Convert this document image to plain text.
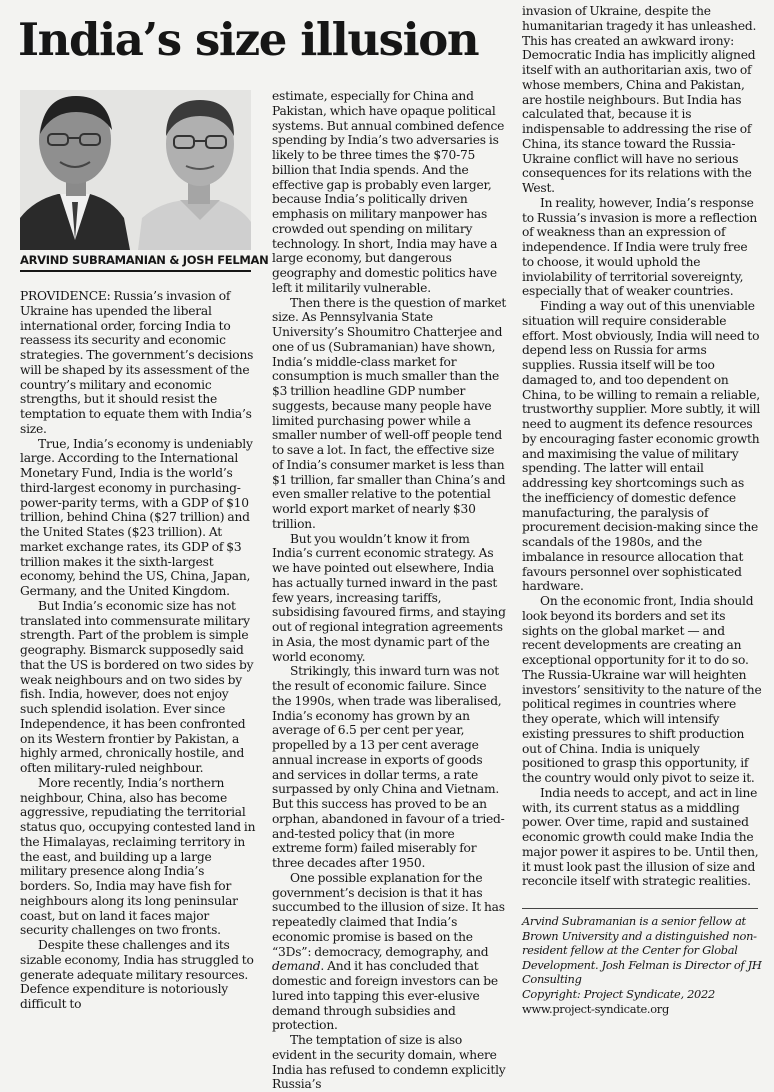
India’s size illusion
ARVIND SUBRAMANIAN & JOSH FELMAN

PROVIDENCE: Russia’s invasion of Ukraine has upended the liberal international order, forcing India to reassess its security and economic strategies. The government’s decisions will be shaped by its assessment of the country’s military and economic strengths, but it should resist the temptation to equate them with India’s size.

True, India’s economy is undeniably large. According to the International Monetary Fund, India is the world’s third-largest economy in purchasing-power-parity terms, with a GDP of $10 trillion, behind China ($27 trillion) and the United States ($23 trillion). At market exchange rates, its GDP of $3 trillion makes it the sixth-largest economy, behind the US, China, Japan, Germany, and the United Kingdom.

But India’s economic size has not translated into commensurate military strength. Part of the problem is simple geography. Bismarck supposedly said that the US is bordered on two sides by weak neighbours and on two sides by fish. India, however, does not enjoy such splendid isolation. Ever since Independence, it has been confronted on its Western frontier by Pakistan, a highly armed, chronically hostile, and often military-ruled neighbour.

More recently, India’s northern neighbour, China, also has become aggressive, repudiating the territorial status quo, occupying contested land in the Himalayas, reclaiming territory in the east, and building up a large military presence along India’s borders. So, India may have fish for neighbours along its long peninsular coast, but on land it faces major security challenges on two fronts.

Despite these challenges and its sizable economy, India has struggled to generate adequate military resources. Defence expenditure is notoriously difficult to

estimate, especially for China and Pakistan, which have opaque political systems. But annual combined defence spending by India’s two adversaries is likely to be three times the $70-75 billion that India spends. And the effective gap is probably even larger, because India’s politically driven emphasis on military manpower has crowded out spending on military technology. In short, India may have a large economy, but dangerous geography and domestic politics have left it militarily vulnerable.

Then there is the question of market size. As Pennsylvania State University’s Shoumitro Chatterjee and one of us (Subramanian) have shown, India’s middle-class market for consumption is much smaller than the $3 trillion headline GDP number suggests, because many people have limited purchasing power while a smaller number of well-off people tend to save a lot. In fact, the effective size of India’s consumer market is less than $1 trillion, far smaller than China’s and even smaller relative to the potential world export market of nearly $30 trillion.

But you wouldn’t know it from India’s current economic strategy. As we have pointed out elsewhere, India has actually turned inward in the past few years, increasing tariffs, subsidising favoured firms, and staying out of regional integration agreements in Asia, the most dynamic part of the world economy.

Strikingly, this inward turn was not the result of economic failure. Since the 1990s, when trade was liberalised, India’s economy has grown by an average of 6.5 per cent per year, propelled by a 13 per cent average annual increase in exports of goods and services in dollar terms, a rate surpassed by only China and Vietnam. But this success has proved to be an orphan, abandoned in favour of a tried-and-tested policy that (in more extreme form) failed miserably for three decades after 1950.

One possible explanation for the government’s decision is that it has succumbed to the illusion of size. It has repeatedly claimed that India’s economic promise is based on the “3Ds”: democracy, demography, and demand. And it has concluded that domestic and foreign investors can be lured into tapping this ever-elusive demand through subsidies and protection.

The temptation of size is also evident in the security domain, where India has refused to condemn explicitly Russia’s

invasion of Ukraine, despite the humanitarian tragedy it has unleashed. This has created an awkward irony: Democratic India has implicitly aligned itself with an authoritarian axis, two of whose members, China and Pakistan, are hostile neighbours. But India has calculated that, because it is indispensable to addressing the rise of China, its stance toward the Russia-Ukraine conflict will have no serious consequences for its relations with the West.

In reality, however, India’s response to Russia’s invasion is more a reflection of weakness than an expression of independence. If India were truly free to choose, it would uphold the inviolability of territorial sovereignty, especially that of weaker countries.

Finding a way out of this unenviable situation will require considerable effort. Most obviously, India will need to depend less on Russia for arms supplies. Russia itself will be too damaged to, and too dependent on China, to be willing to remain a reliable, trustworthy supplier. More subtly, it will need to augment its defence resources by encouraging faster economic growth and maximising the value of military spending. The latter will entail addressing key shortcomings such as the inefficiency of domestic defence manufacturing, the paralysis of procurement decision-making since the scandals of the 1980s, and the imbalance in resource allocation that favours personnel over sophisticated hardware.

On the economic front, India should look beyond its borders and set its sights on the global market — and recent developments are creating an exceptional opportunity for it to do so. The Russia-Ukraine war will heighten investors’ sensitivity to the nature of the political regimes in countries where they operate, which will intensify existing pressures to shift production out of China. India is uniquely positioned to grasp this opportunity, if the country would only pivot to seize it.

India needs to accept, and act in line with, its current status as a middling power. Over time, rapid and sustained economic growth could make India the major power it aspires to be. Until then, it must look past the illusion of size and reconcile itself with strategic realities.

Arvind Subramanian is a senior fellow at Brown University and a distinguished non-resident fellow at the Center for Global Development. Josh Felman is Director of JH Consulting

Copyright: Project Syndicate, 2022

www.project-syndicate.org
